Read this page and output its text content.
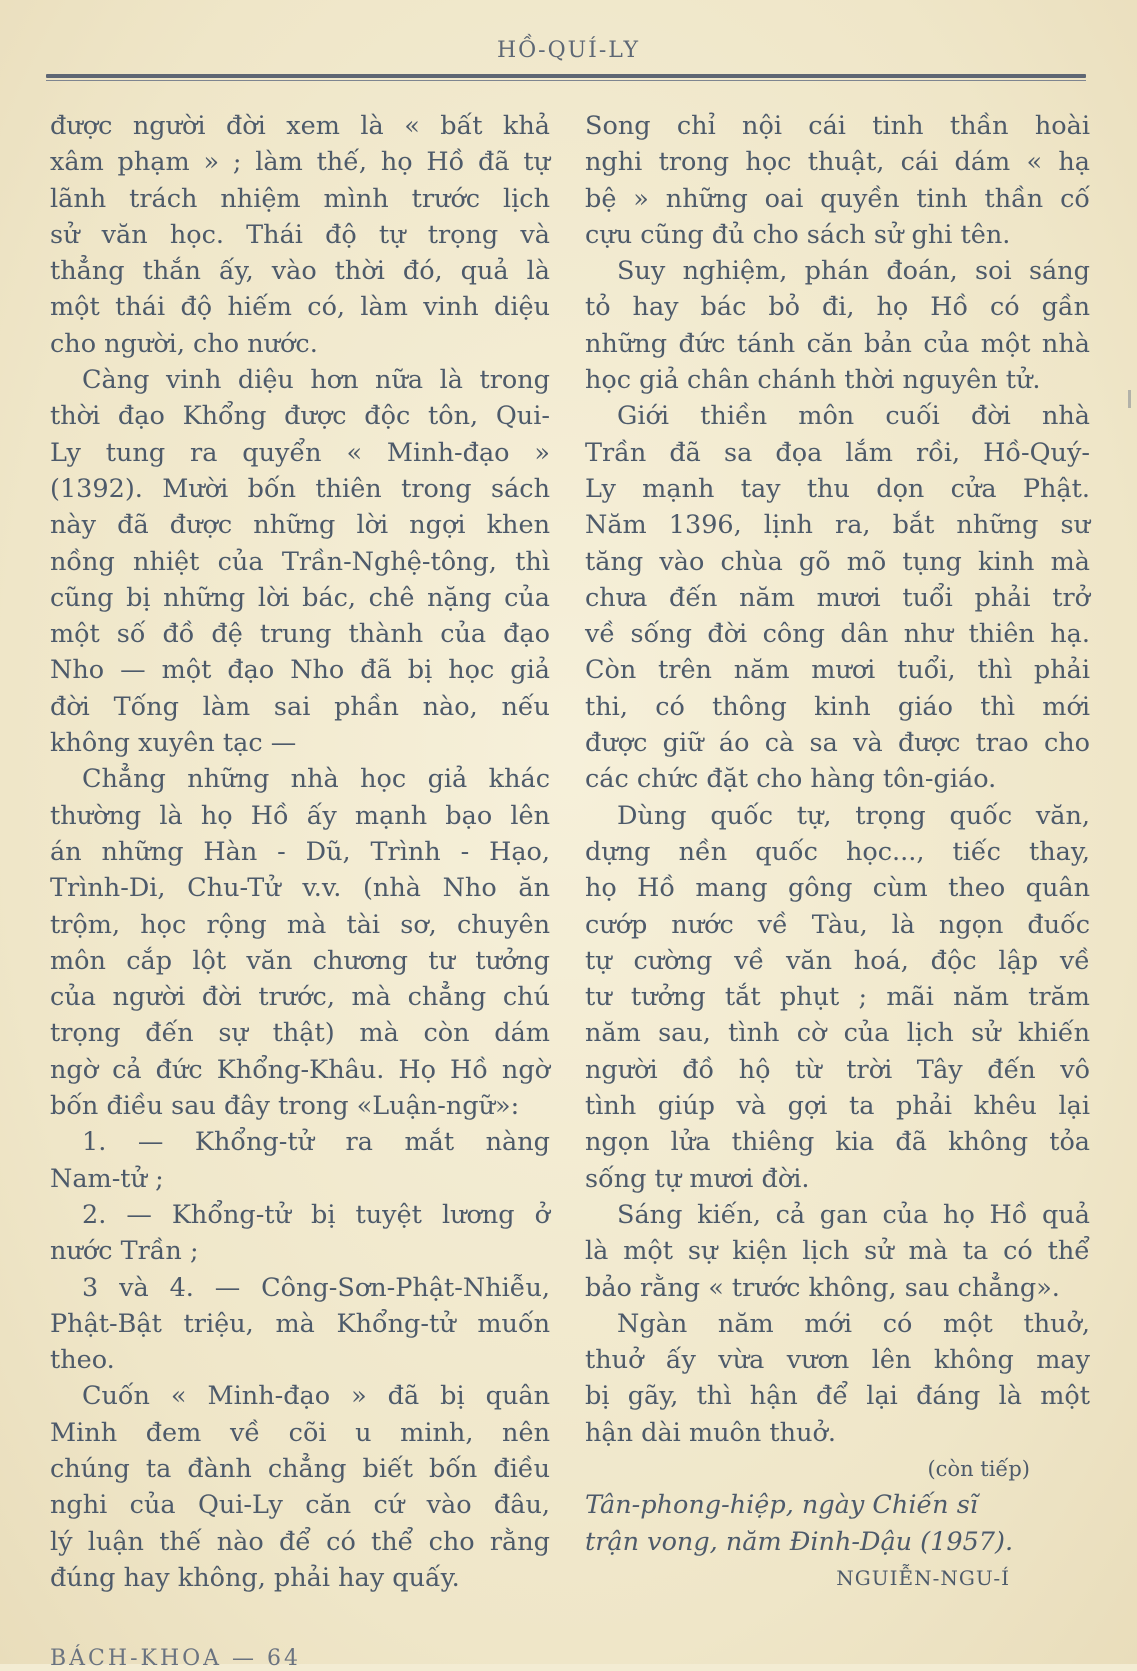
HỒ-QUÍ-LY
được người đời xem là « bất khả
xâm phạm » ; làm thế, họ Hồ đã tự
lãnh trách nhiệm mình trước lịch
sử văn học. Thái độ tự trọng và
thẳng thắn ấy, vào thời đó, quả là
một thái độ hiếm có, làm vinh diệu
cho người, cho nước.
Càng vinh diệu hơn nữa là trong
thời đạo Khổng được độc tôn, Qui-
Ly tung ra quyển « Minh-đạo »
(1392). Mười bốn thiên trong sách
này đã được những lời ngợi khen
nồng nhiệt của Trần-Nghệ-tông, thì
cũng bị những lời bác, chê nặng của
một số đồ đệ trung thành của đạo
Nho — một đạo Nho đã bị học giả
đời Tống làm sai phần nào, nếu
không xuyên tạc —
Chẳng những nhà học giả khác
thường là họ Hồ ấy mạnh bạo lên
án những Hàn - Dũ, Trình - Hạo,
Trình-Di, Chu-Tử v.v. (nhà Nho ăn
trộm, học rộng mà tài sơ, chuyên
môn cắp lột văn chương tư tưởng
của người đời trước, mà chẳng chú
trọng đến sự thật) mà còn dám
ngờ cả đức Khổng-Khâu. Họ Hồ ngờ
bốn điều sau đây trong «Luận-ngữ»:
1. — Khổng-tử ra mắt nàng
Nam-tử ;
2. — Khổng-tử bị tuyệt lương ở
nước Trần ;
3 và 4. — Công-Sơn-Phật-Nhiễu,
Phật-Bật triệu, mà Khổng-tử muốn
theo.
Cuốn « Minh-đạo » đã bị quân
Minh đem về cõi u minh, nên
chúng ta đành chẳng biết bốn điều
nghi của Qui-Ly căn cứ vào đâu,
lý luận thế nào để có thể cho rằng
đúng hay không, phải hay quấy.
Song chỉ nội cái tinh thần hoài
nghi trong học thuật, cái dám « hạ
bệ » những oai quyền tinh thần cố
cựu cũng đủ cho sách sử ghi tên.
Suy nghiệm, phán đoán, soi sáng
tỏ hay bác bỏ đi, họ Hồ có gần
những đức tánh căn bản của một nhà
học giả chân chánh thời nguyên tử.
Giới thiền môn cuối đời nhà
Trần đã sa đọa lắm rồi, Hồ-Quý-
Ly mạnh tay thu dọn cửa Phật.
Năm 1396, lịnh ra, bắt những sư
tăng vào chùa gõ mõ tụng kinh mà
chưa đến năm mươi tuổi phải trở
về sống đời công dân như thiên hạ.
Còn trên năm mươi tuổi, thì phải
thi, có thông kinh giáo thì mới
được giữ áo cà sa và được trao cho
các chức đặt cho hàng tôn-giáo.
Dùng quốc tự, trọng quốc văn,
dựng nền quốc học..., tiếc thay,
họ Hồ mang gông cùm theo quân
cướp nước về Tàu, là ngọn đuốc
tự cường về văn hoá, độc lập về
tư tưởng tắt phụt ; mãi năm trăm
năm sau, tình cờ của lịch sử khiến
người đồ hộ từ trời Tây đến vô
tình giúp và gợi ta phải khêu lại
ngọn lửa thiêng kia đã không tỏa
sống tự mươi đời.
Sáng kiến, cả gan của họ Hồ quả
là một sự kiện lịch sử mà ta có thể
bảo rằng « trước không, sau chẳng».
Ngàn năm mới có một thuở,
thuở ấy vừa vươn lên không may
bị gãy, thì hận để lại đáng là một
hận dài muôn thuở.
(còn tiếp)
Tân-phong-hiệp, ngày Chiến sĩ
trận vong, năm Đinh-Dậu (1957).
NGUIỄN-NGU-Í
BÁCH-KHOA — 64
